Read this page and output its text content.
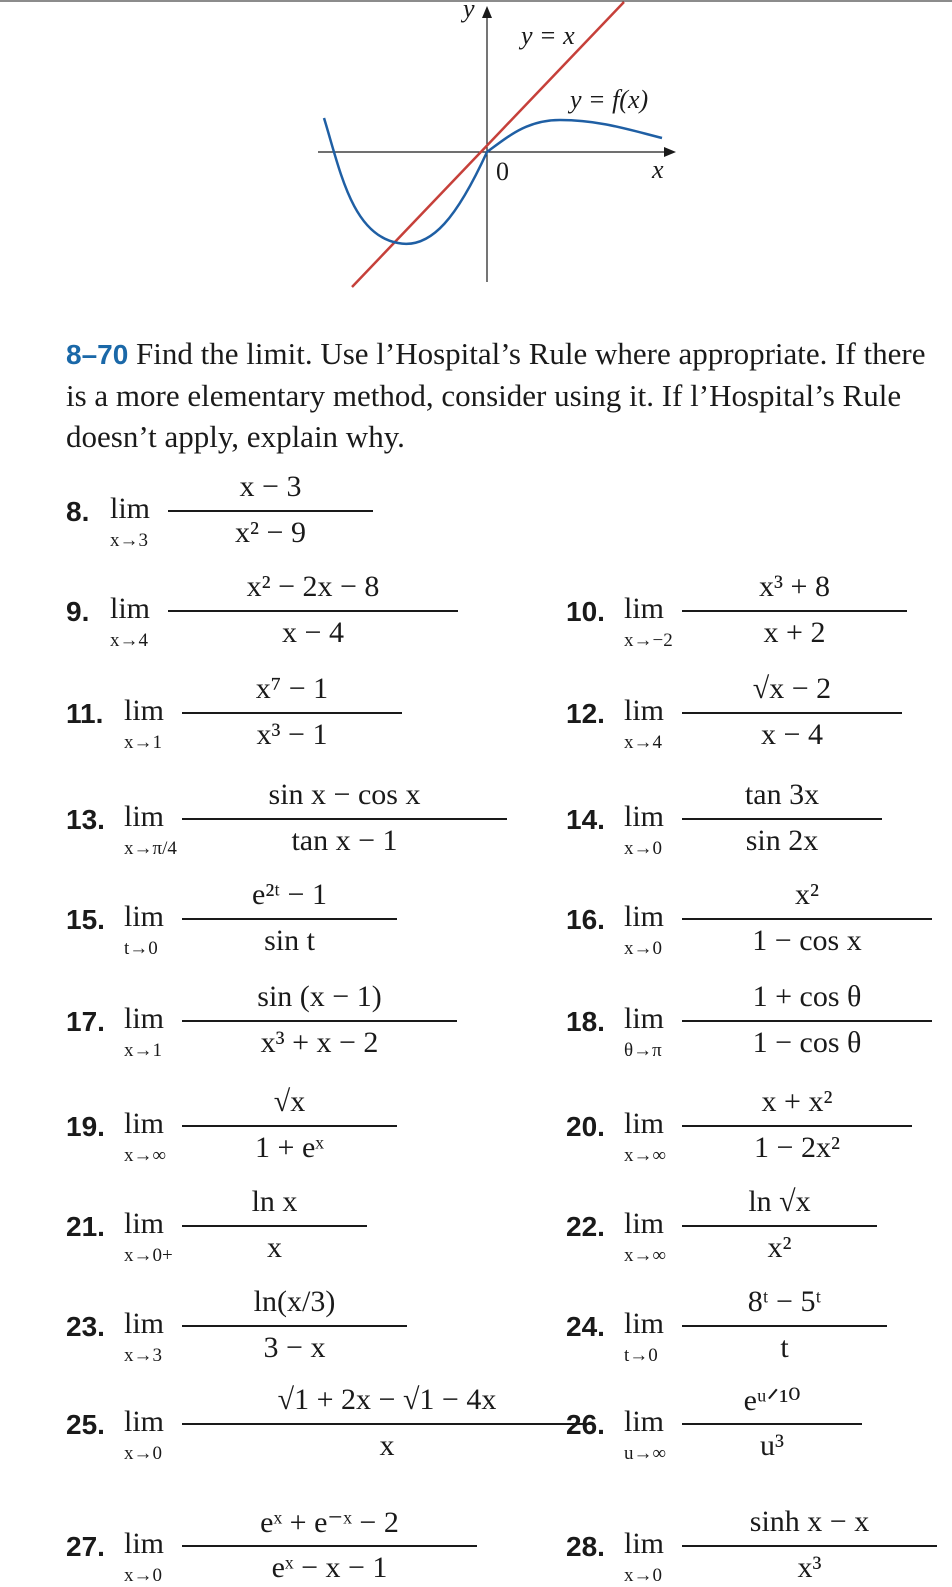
y
x
0
y = x
y = f(x)
8–70 Find the limit. Use l’Hospital’s Rule where appropriate. If there is a more elementary method, consider using it. If l’Hospital’s Rule doesn’t apply, explain why.
8. lim
x→3
x − 3
x² − 9
9. lim
x→4
x² − 2x − 8
x − 4
10. lim
x→−2
x³ + 8
x + 2
11. lim
x→1
x⁷ − 1
x³ − 1
12. lim
x→4
√x − 2
x − 4
13. lim
x→π/4
sin x − cos x
tan x − 1
14. lim
x→0
tan 3x
sin 2x
15. lim
t→0
e²ᵗ − 1
sin t
16. lim
x→0
x²
1 − cos x
17. lim
x→1
sin (x − 1)
x³ + x − 2
18. lim
θ→π
1 + cos θ
1 − cos θ
19. lim
x→∞
√x
1 + eˣ
20. lim
x→∞
x + x²
1 − 2x²
21. lim
x→0+
ln x
x
22. lim
x→∞
ln √x
x²
23. lim
x→3
ln(x/3)
3 − x
24. lim
t→0
8ᵗ − 5ᵗ
t
25. lim
x→0
√1 + 2x − √1 − 4x
x
26. lim
u→∞
eᵘᐟ¹⁰
u³
27. lim
x→0
eˣ + e⁻ˣ − 2
eˣ − x − 1
28. lim
x→0
sinh x − x
x³
